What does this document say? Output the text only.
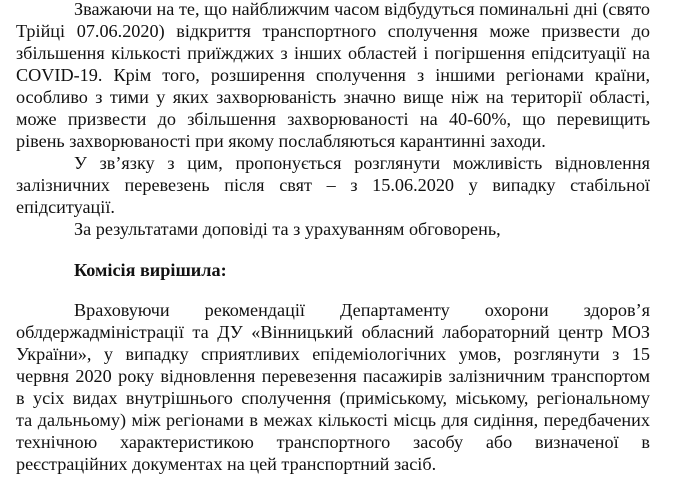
Зважаючи на те, що найближчим часом відбудуться поминальні дні (свято
Трійці 07.06.2020) відкриття транспортного сполучення може призвести до
збільшення кількості приїжджих з інших областей і погіршення епідситуації на
COVID-19. Крім того, розширення сполучення з іншими регіонами країни,
особливо з тими у яких захворюваність значно вище ніж на території області,
може призвести до збільшення захворюваності на 40-60%, що перевищить
рівень захворюваності при якому послабляються карантинні заходи.
У зв’язку з цим, пропонується розглянути можливість відновлення
залізничних перевезень після свят – з 15.06.2020 у випадку стабільної
епідситуації.
За результатами доповіді та з урахуванням обговорень,
Комісія вирішила:
Враховуючи рекомендації Департаменту охорони здоров’я
облдержадміністрації та ДУ «Вінницький обласний лабораторний центр МОЗ
України», у випадку сприятливих епідеміологічних умов, розглянути з 15
червня 2020 року відновлення перевезення пасажирів залізничним транспортом
в усіх видах внутрішнього сполучення (приміському, міському, регіональному
та дальньому) між регіонами в межах кількості місць для сидіння, передбачених
технічною характеристикою транспортного засобу або визначеної в
реєстраційних документах на цей транспортний засіб.
